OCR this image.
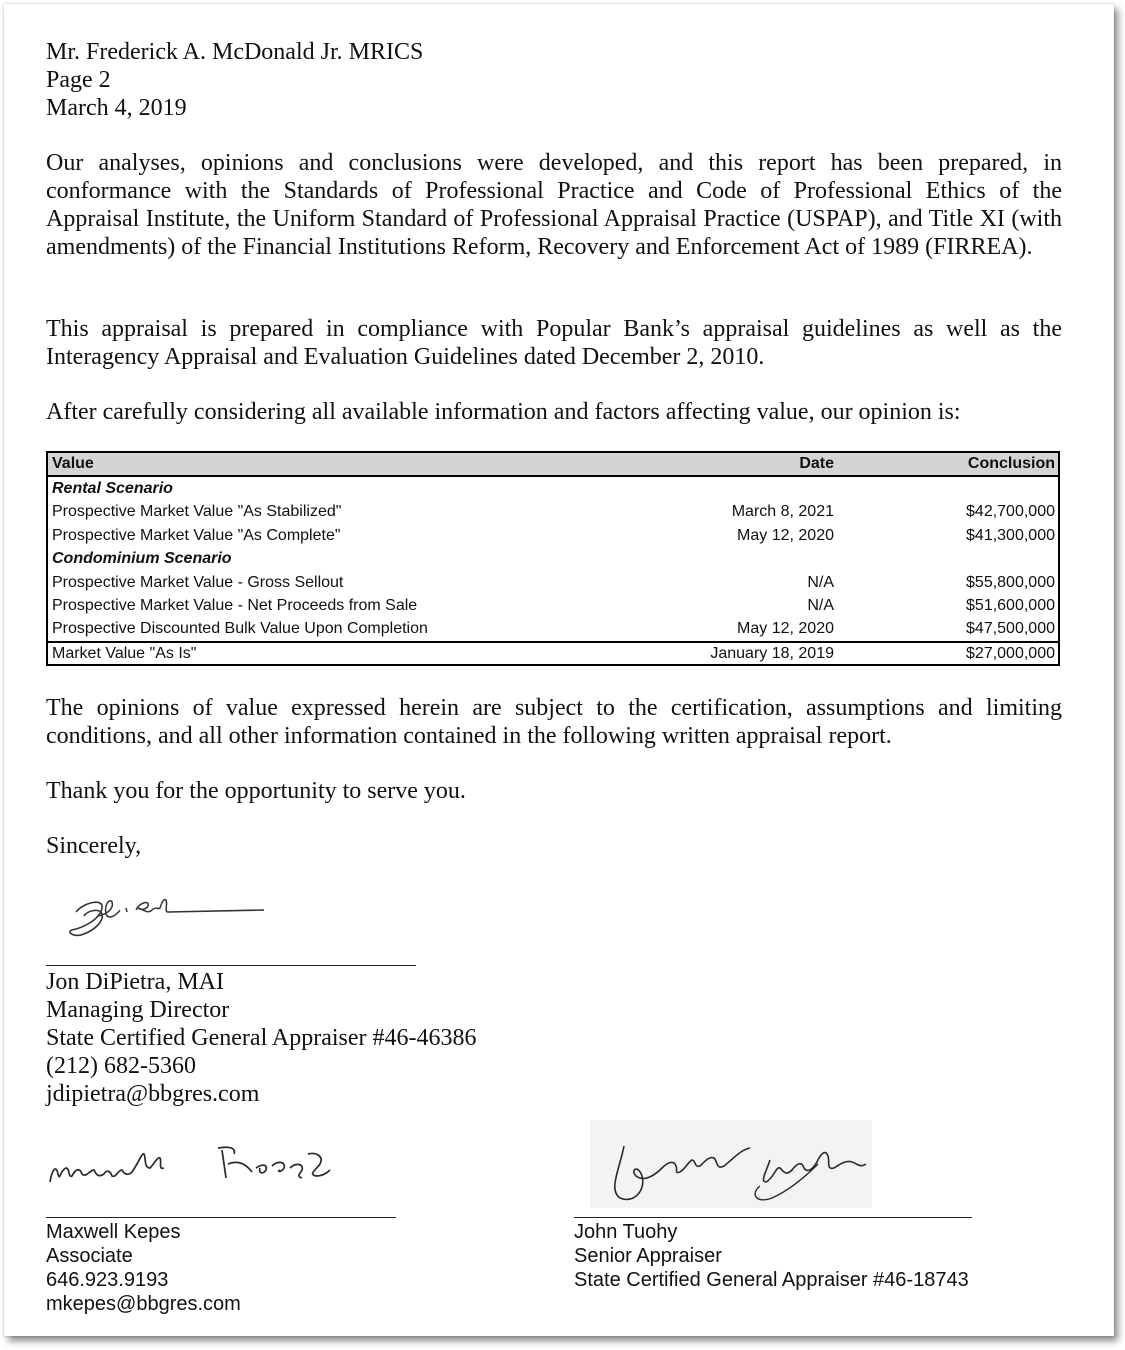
Mr. Frederick A. McDonald Jr. MRICS
Page 2
March 4, 2019
Our analyses, opinions and conclusions were developed, and this report has been prepared, in conformance with the Standards of Professional Practice and Code of Professional Ethics of the Appraisal Institute, the Uniform Standard of Professional Appraisal Practice (USPAP), and Title XI (with amendments) of the Financial Institutions Reform, Recovery and Enforcement Act of 1989 (FIRREA).
This appraisal is prepared in compliance with Popular Bank’s appraisal guidelines as well as the Interagency Appraisal and Evaluation Guidelines dated December 2, 2010.
After carefully considering all available information and factors affecting value, our opinion is:
Value	Date	Conclusion
Rental Scenario
Prospective Market Value "As Stabilized"	March 8, 2021	$42,700,000
Prospective Market Value "As Complete"	May 12, 2020	$41,300,000
Condominium Scenario
Prospective Market Value - Gross Sellout	N/A	$55,800,000
Prospective Market Value - Net Proceeds from Sale	N/A	$51,600,000
Prospective Discounted Bulk Value Upon Completion	May 12, 2020	$47,500,000
Market Value "As Is"	January 18, 2019	$27,000,000
The opinions of value expressed herein are subject to the certification, assumptions and limiting conditions, and all other information contained in the following written appraisal report.
Thank you for the opportunity to serve you.
Sincerely,
Jon DiPietra, MAI
Managing Director
State Certified General Appraiser #46-46386
(212) 682-5360
jdipietra@bbgres.com
Maxwell Kepes
Associate
646.923.9193
mkepes@bbgres.com
John Tuohy
Senior Appraiser
State Certified General Appraiser #46-18743
